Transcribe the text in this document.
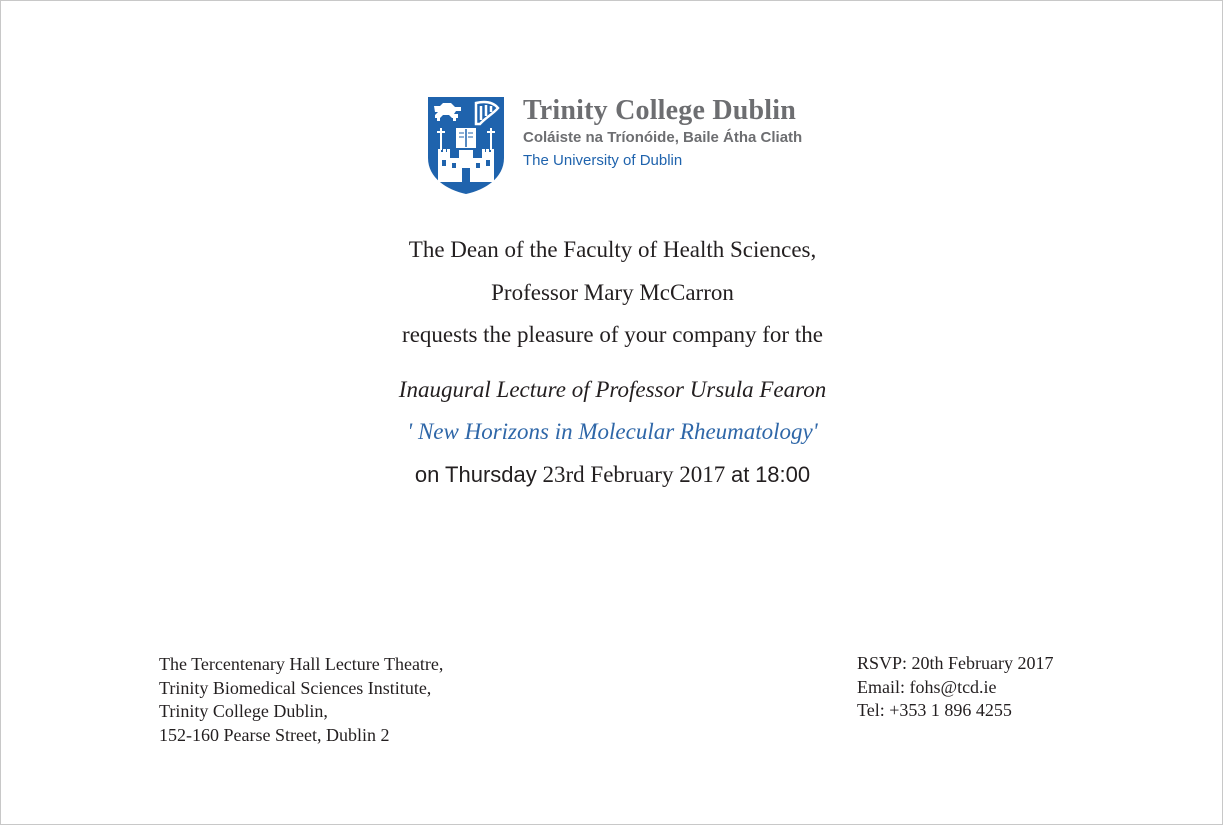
Trinity College Dublin
Coláiste na Tríonóide, Baile Átha Cliath
The University of Dublin
The Dean of the Faculty of Health Sciences,
Professor Mary McCarron
requests the pleasure of your company for the
Inaugural Lecture of Professor Ursula Fearon
' New Horizons in Molecular Rheumatology'
on Thursday 23rd February 2017 at 18:00
The Tercentenary Hall Lecture Theatre,
Trinity Biomedical Sciences Institute,
Trinity College Dublin,
152-160 Pearse Street, Dublin 2
RSVP: 20th February 2017
Email: fohs@tcd.ie
Tel: +353 1 896 4255
